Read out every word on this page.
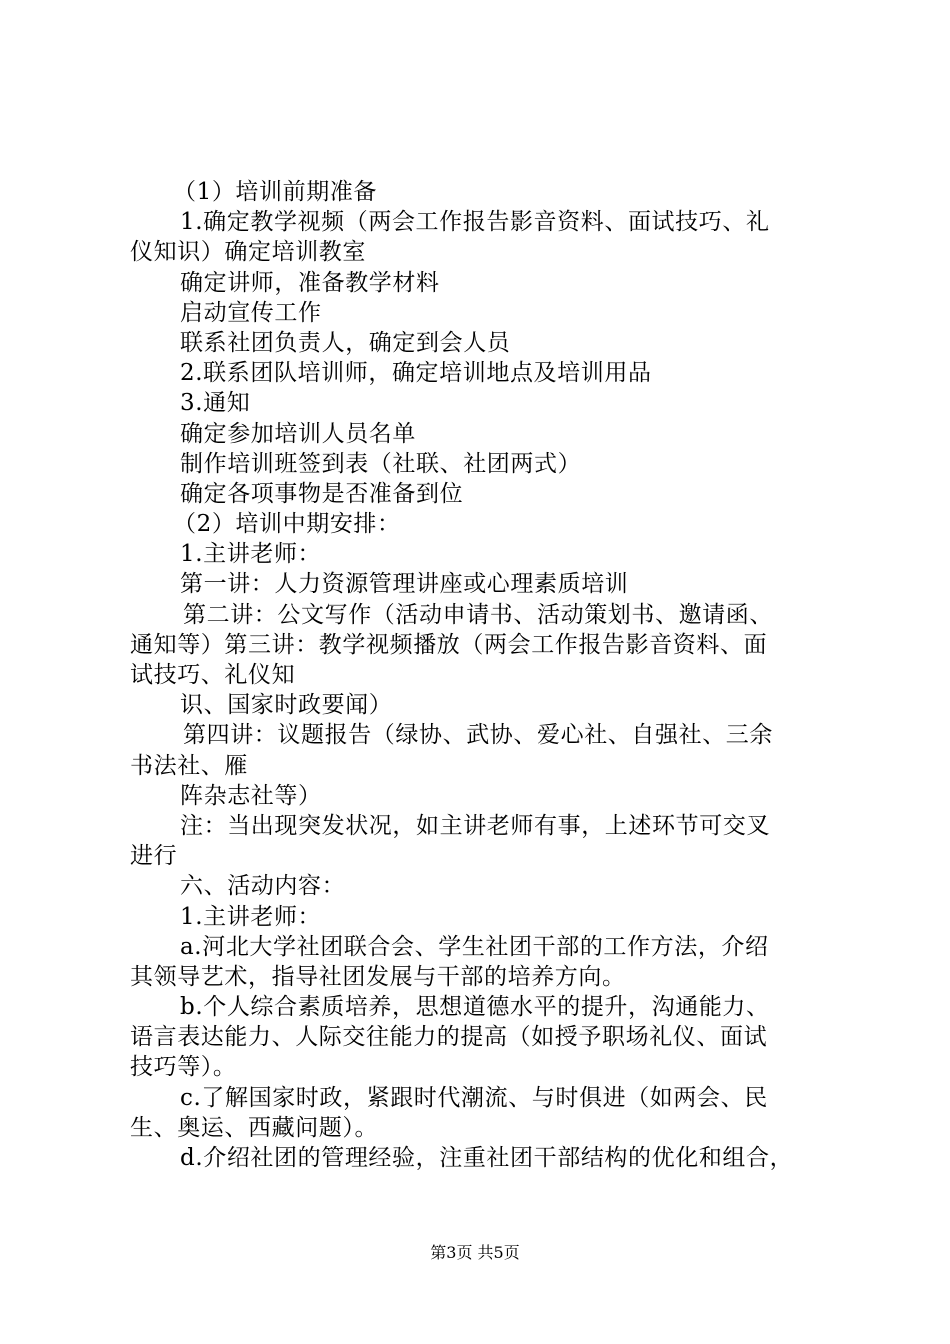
（1）培训前期准备
1.确定教学视频（两会工作报告影音资料、面试技巧、礼
仪知识）确定培训教室
确定讲师，准备教学材料
启动宣传工作
联系社团负责人，确定到会人员
2.联系团队培训师，确定培训地点及培训用品
3.通知
确定参加培训人员名单
制作培训班签到表（社联、社团两式）
确定各项事物是否准备到位
（2）培训中期安排：
1.主讲老师：
第一讲：人力资源管理讲座或心理素质培训
第二讲：公文写作（活动申请书、活动策划书、邀请函、
通知等）第三讲：教学视频播放（两会工作报告影音资料、面
试技巧、礼仪知
识、国家时政要闻）
第四讲：议题报告（绿协、武协、爱心社、自强社、三余
书法社、雁
阵杂志社等）
注：当出现突发状况，如主讲老师有事，上述环节可交叉
进行
六、活动内容：
1.主讲老师：
a.河北大学社团联合会、学生社团干部的工作方法，介绍
其领导艺术，指导社团发展与干部的培养方向。
b.个人综合素质培养，思想道德水平的提升，沟通能力、
语言表达能力、人际交往能力的提高（如授予职场礼仪、面试
技巧等）。
c.了解国家时政，紧跟时代潮流、与时俱进（如两会、民
生、奥运、西藏问题）。
d.介绍社团的管理经验，注重社团干部结构的优化和组合，
第3页 共5页
